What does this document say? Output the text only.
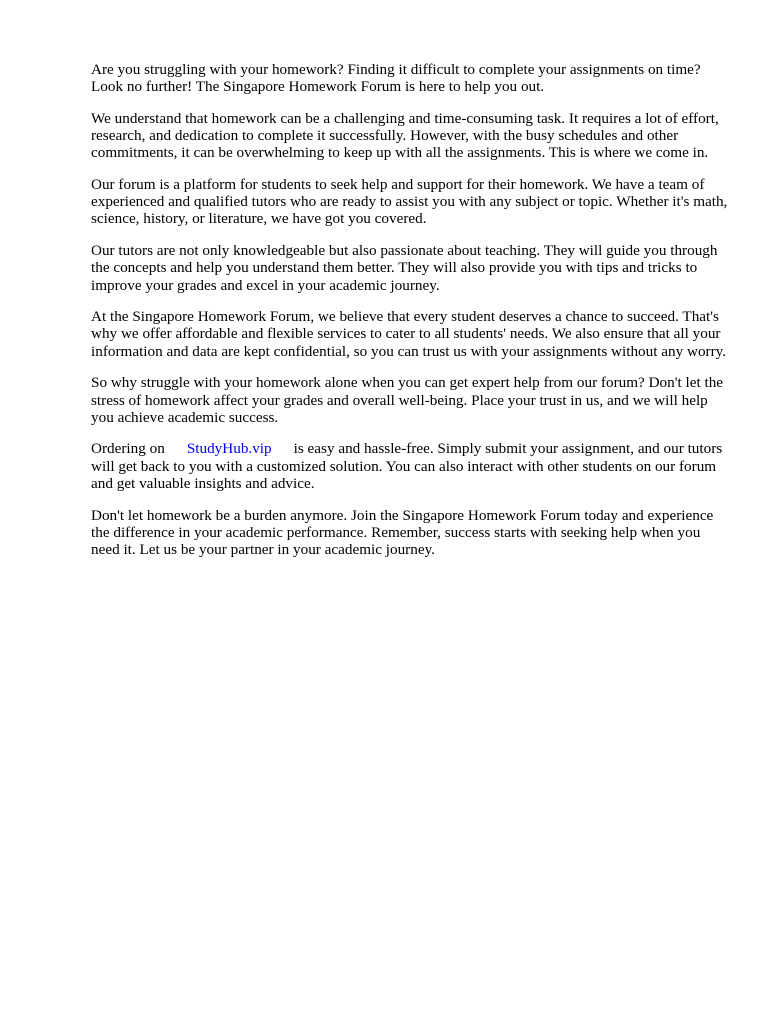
Are you struggling with your homework? Finding it difficult to complete your assignments on time? Look no further! The Singapore Homework Forum is here to help you out.

We understand that homework can be a challenging and time-consuming task. It requires a lot of effort, research, and dedication to complete it successfully. However, with the busy schedules and other commitments, it can be overwhelming to keep up with all the assignments. This is where we come in.

Our forum is a platform for students to seek help and support for their homework. We have a team of experienced and qualified tutors who are ready to assist you with any subject or topic. Whether it's math, science, history, or literature, we have got you covered.

Our tutors are not only knowledgeable but also passionate about teaching. They will guide you through the concepts and help you understand them better. They will also provide you with tips and tricks to improve your grades and excel in your academic journey.

At the Singapore Homework Forum, we believe that every student deserves a chance to succeed. That's why we offer affordable and flexible services to cater to all students' needs. We also ensure that all your information and data are kept confidential, so you can trust us with your assignments without any worry.

So why struggle with your homework alone when you can get expert help from our forum? Don't let the stress of homework affect your grades and overall well-being. Place your trust in us, and we will help you achieve academic success.

Ordering on StudyHub.vip is easy and hassle-free. Simply submit your assignment, and our tutors will get back to you with a customized solution. You can also interact with other students on our forum and get valuable insights and advice.

Don't let homework be a burden anymore. Join the Singapore Homework Forum today and experience the difference in your academic performance. Remember, success starts with seeking help when you need it. Let us be your partner in your academic journey.
